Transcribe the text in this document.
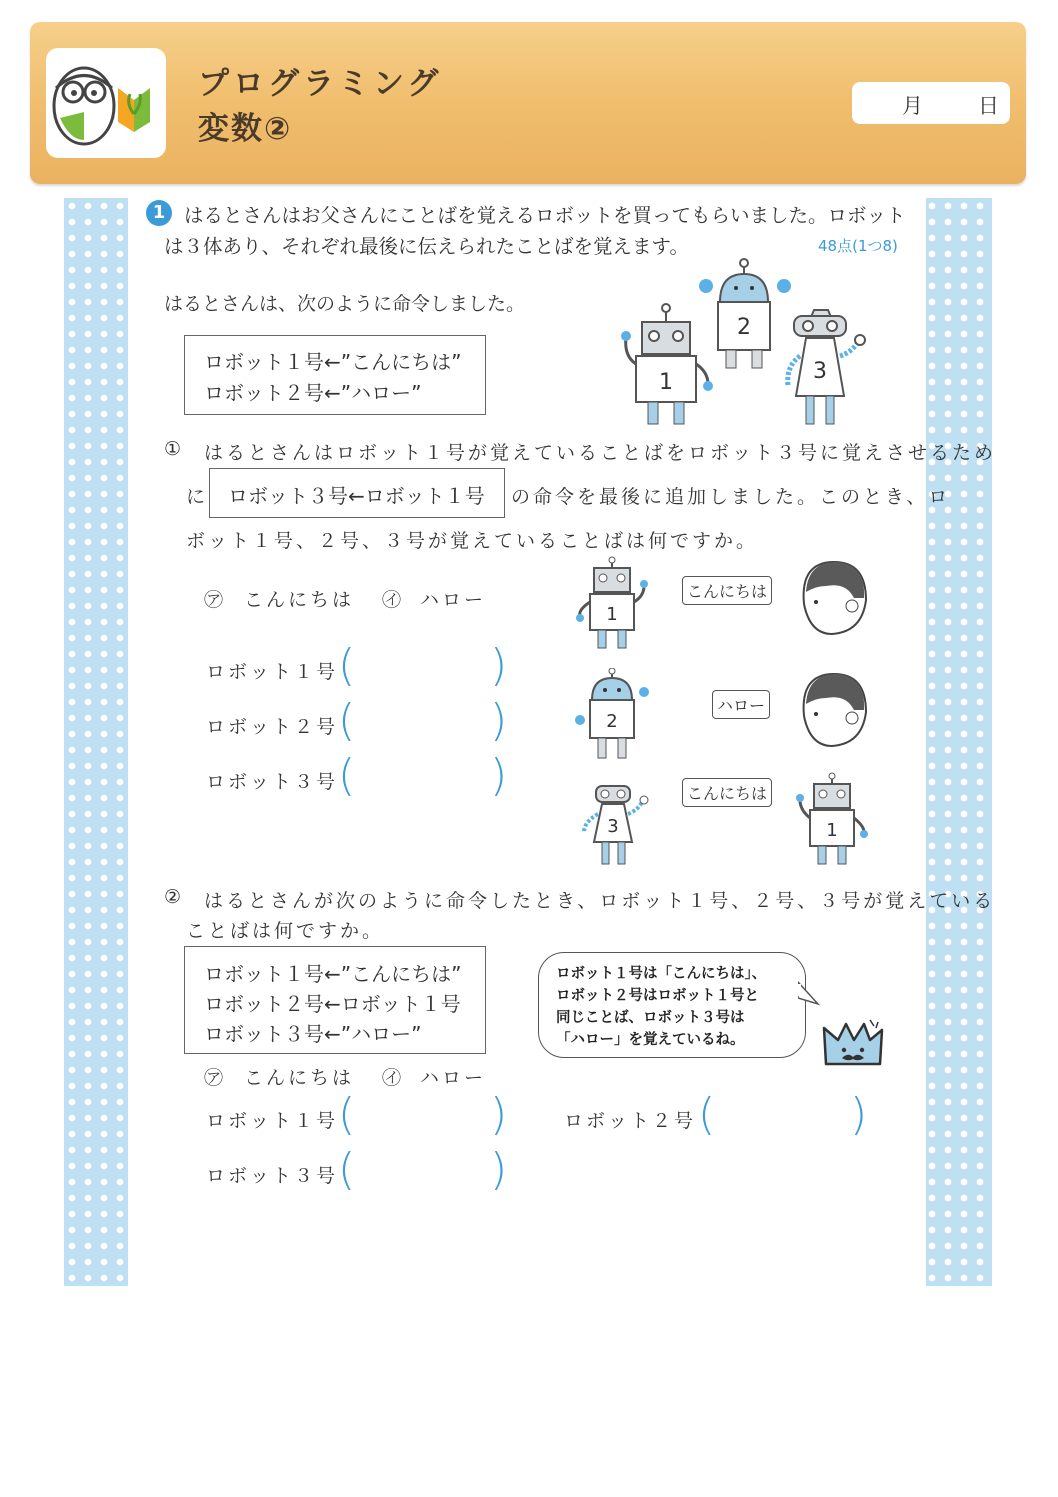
プログラミング
変数②
月	日
1 はるとさんはお父さんにことばを覚えるロボットを買ってもらいました。ロボット
は３体あり、それぞれ最後に伝えられたことばを覚えます。	48点(1つ8)
はるとさんは、次のように命令しました。
ロボット１号←”こんにちは”
ロボット２号←”ハロー”	1
2
3
① はるとさんはロボット１号が覚えていることばをロボット３号に覚えさせるため
に ロボット３号←ロボット１号 の命令を最後に追加しました。このとき、ロ
ボット１号、２号、３号が覚えていることばは何ですか。
㋐ こんにちは ㋑ ハロー
ロボット１号 (	)
ロボット２号 (	)
ロボット３号 (	)
1
こんにちは
2
ハロー
3
こんにちは
1
② はるとさんが次のように命令したとき、ロボット１号、２号、３号が覚えている
ことばは何ですか。
ロボット１号←”こんにちは”
ロボット２号←ロボット１号
ロボット３号←”ハロー”
ロボット１号は「こんにちは」、
ロボット２号はロボット１号と
同じことば、ロボット３号は
「ハロー」を覚えているね。
㋐ こんにちは ㋑ ハロー
ロボット１号 (	)	ロボット２号 (	)
ロボット３号 (	)
